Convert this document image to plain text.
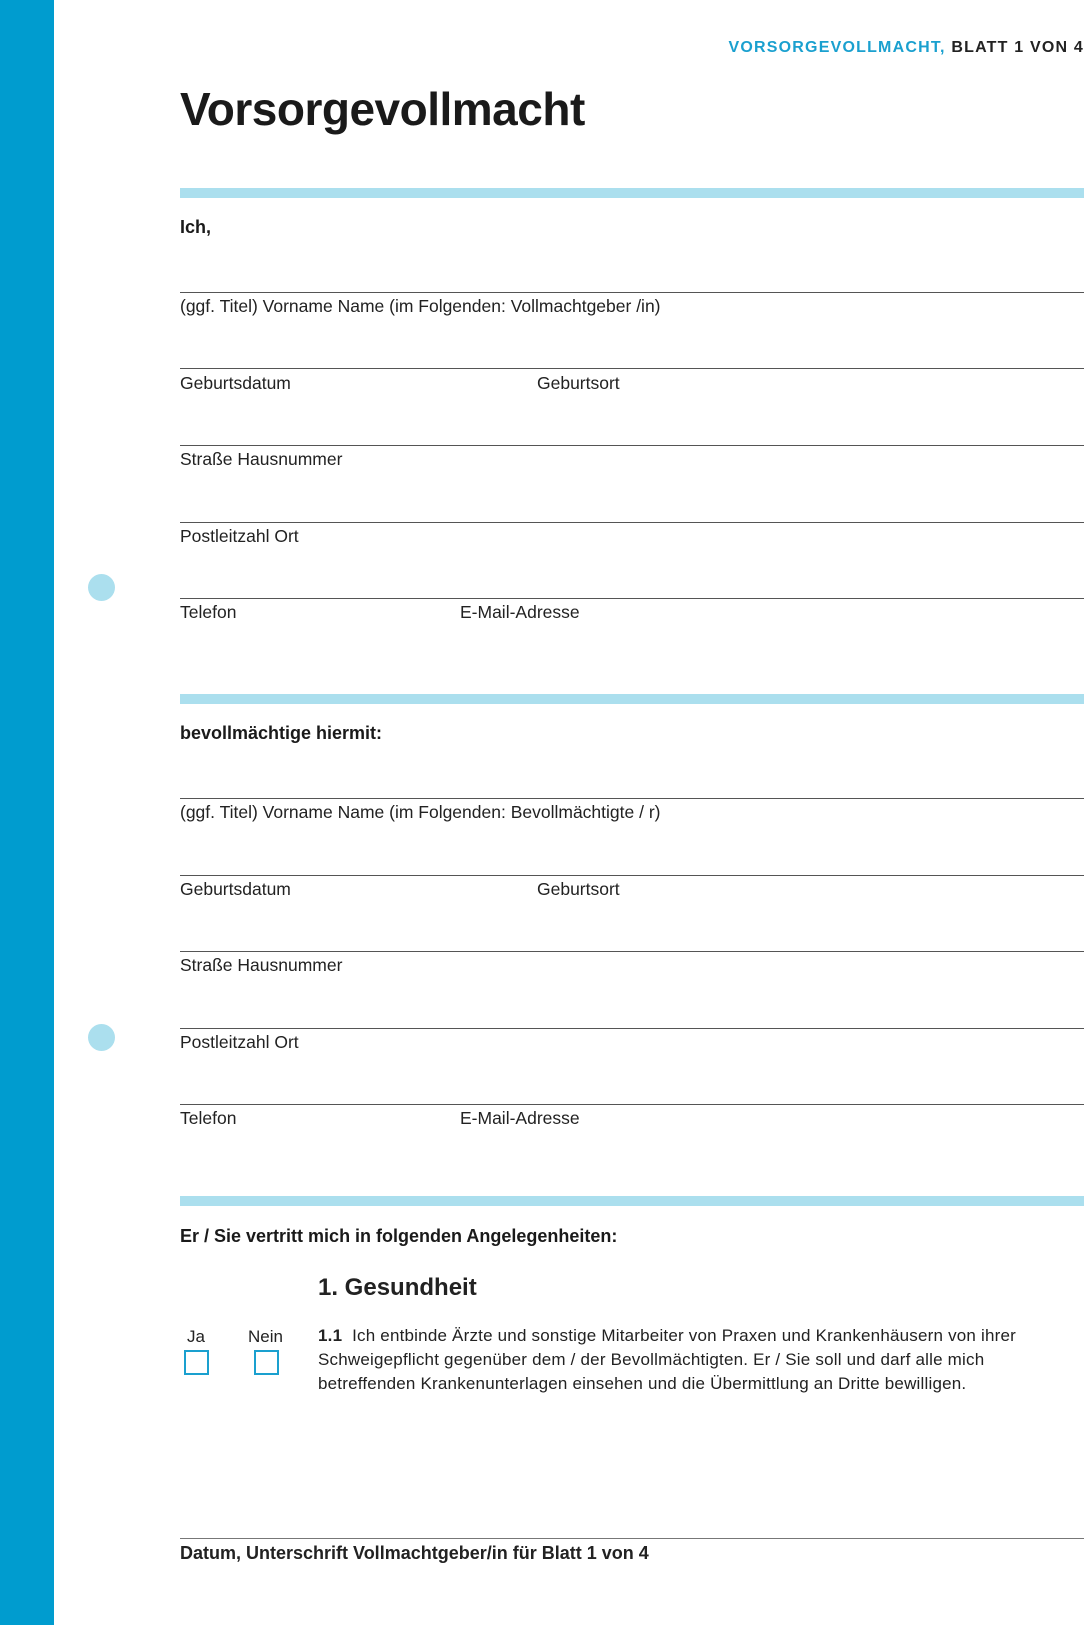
VORSORGEVOLLMACHT, BLATT 1 VON 4
Vorsorgevollmacht
Ich,
(ggf. Titel) Vorname Name (im Folgenden: Vollmachtgeber /in)
Geburtsdatum	Geburtsort
Straße Hausnummer
Postleitzahl Ort
Telefon	E-Mail-Adresse
bevollmächtige hiermit:
(ggf. Titel) Vorname Name (im Folgenden: Bevollmächtigte / r)
Geburtsdatum	Geburtsort
Straße Hausnummer
Postleitzahl Ort
Telefon	E-Mail-Adresse
Er / Sie vertritt mich in folgenden Angelegenheiten:
1. Gesundheit
Ja	Nein 1.1 Ich entbinde Ärzte und sonstige Mitarbeiter von Praxen und Krankenhäusern von ihrer Schweigepflicht gegenüber dem / der Bevollmächtigten. Er / Sie soll und darf alle mich betreffenden Krankenunterlagen einsehen und die Übermittlung an Dritte bewilligen.

Datum, Unterschrift Vollmachtgeber/in für Blatt 1 von 4
